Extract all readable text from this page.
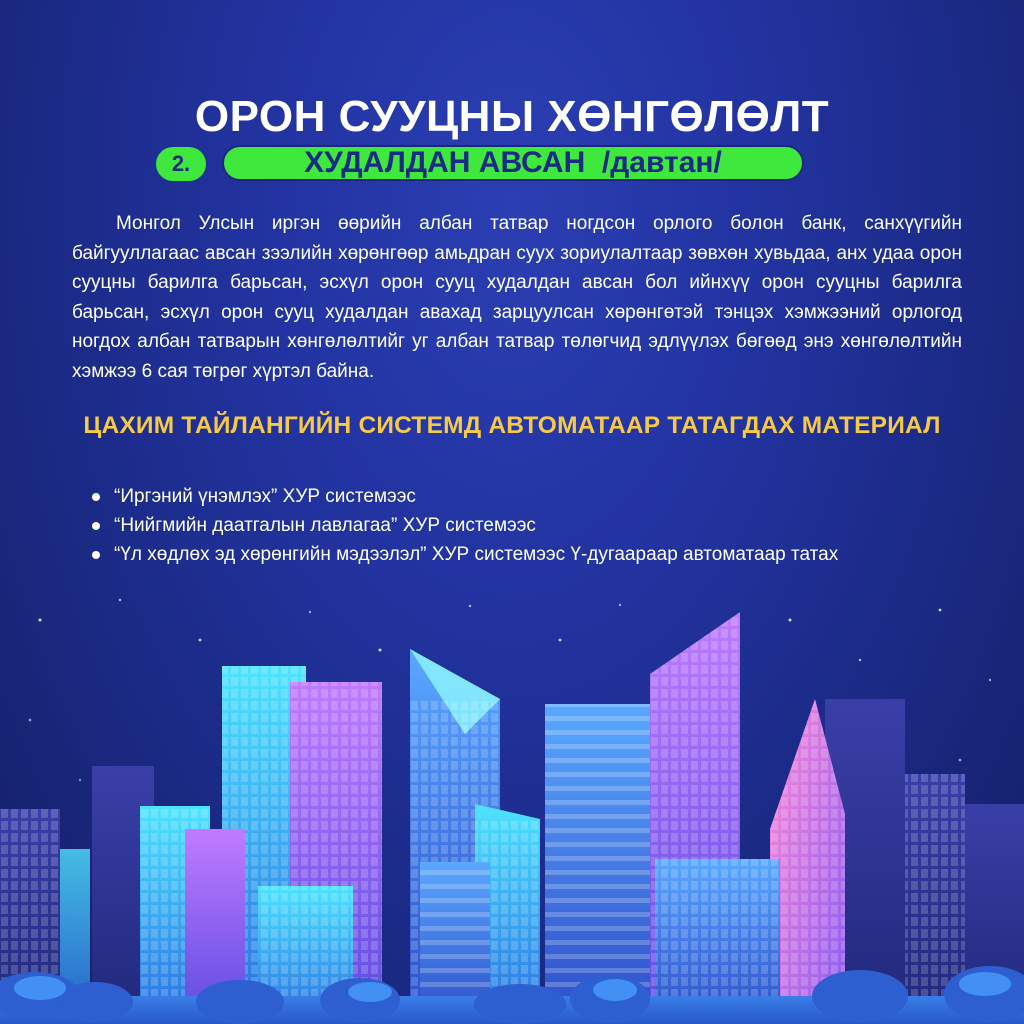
ОРОН СУУЦНЫ ХӨНГӨЛӨЛТ
2.	ХУДАЛДАН АВСАН  /давтан/

Монгол Улсын иргэн өөрийн албан татвар ногдсон орлого болон банк, санхүүгийн байгууллагаас авсан зээлийн хөрөнгөөр амьдран суух зориулалтаар зөвхөн хувьдаа, анх удаа орон сууцны барилга барьсан, эсхүл орон сууц худалдан авсан бол ийнхүү орон сууцны барилга барьсан, эсхүл орон сууц худалдан авахад зарцуулсан хөрөнгөтэй тэнцэх хэмжээний орлогод ногдох албан татварын хөнгөлөлтийг уг албан татвар төлөгчид эдлүүлэх бөгөөд энэ хөнгөлөлтийн хэмжээ 6 сая төгрөг хүртэл байна.

ЦАХИМ ТАЙЛАНГИЙН СИСТЕМД АВТОМАТААР ТАТАГДАХ МАТЕРИАЛ
“Иргэний үнэмлэх” ХУР системээс
“Нийгмийн даатгалын лавлагаа” ХУР системээс
“Үл хөдлөх эд хөрөнгийн мэдээлэл” ХУР системээс Ү-дугаараар автоматаар татах
